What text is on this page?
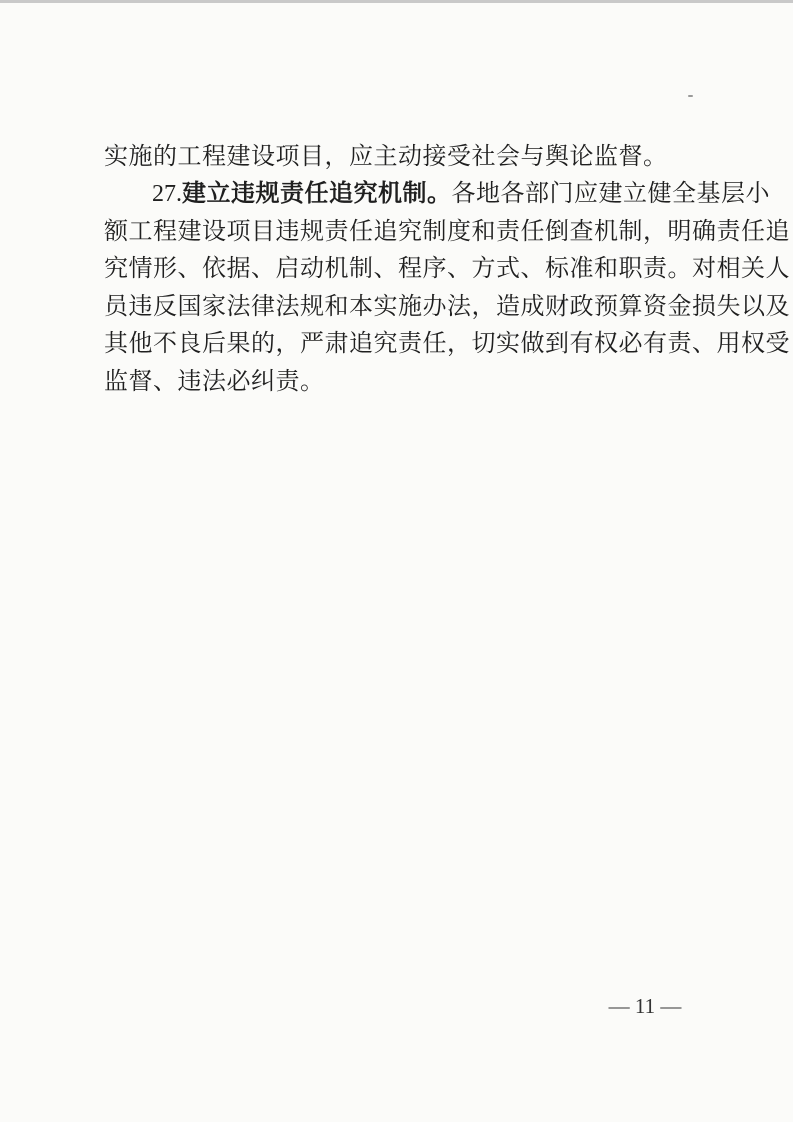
实施的工程建设项目，应主动接受社会与舆论监督。
27.建立违规责任追究机制。各地各部门应建立健全基层小
额工程建设项目违规责任追究制度和责任倒查机制，明确责任追
究情形、依据、启动机制、程序、方式、标准和职责。对相关人
员违反国家法律法规和本实施办法，造成财政预算资金损失以及
其他不良后果的，严肃追究责任，切实做到有权必有责、用权受
监督、违法必纠责。
— 11 —
